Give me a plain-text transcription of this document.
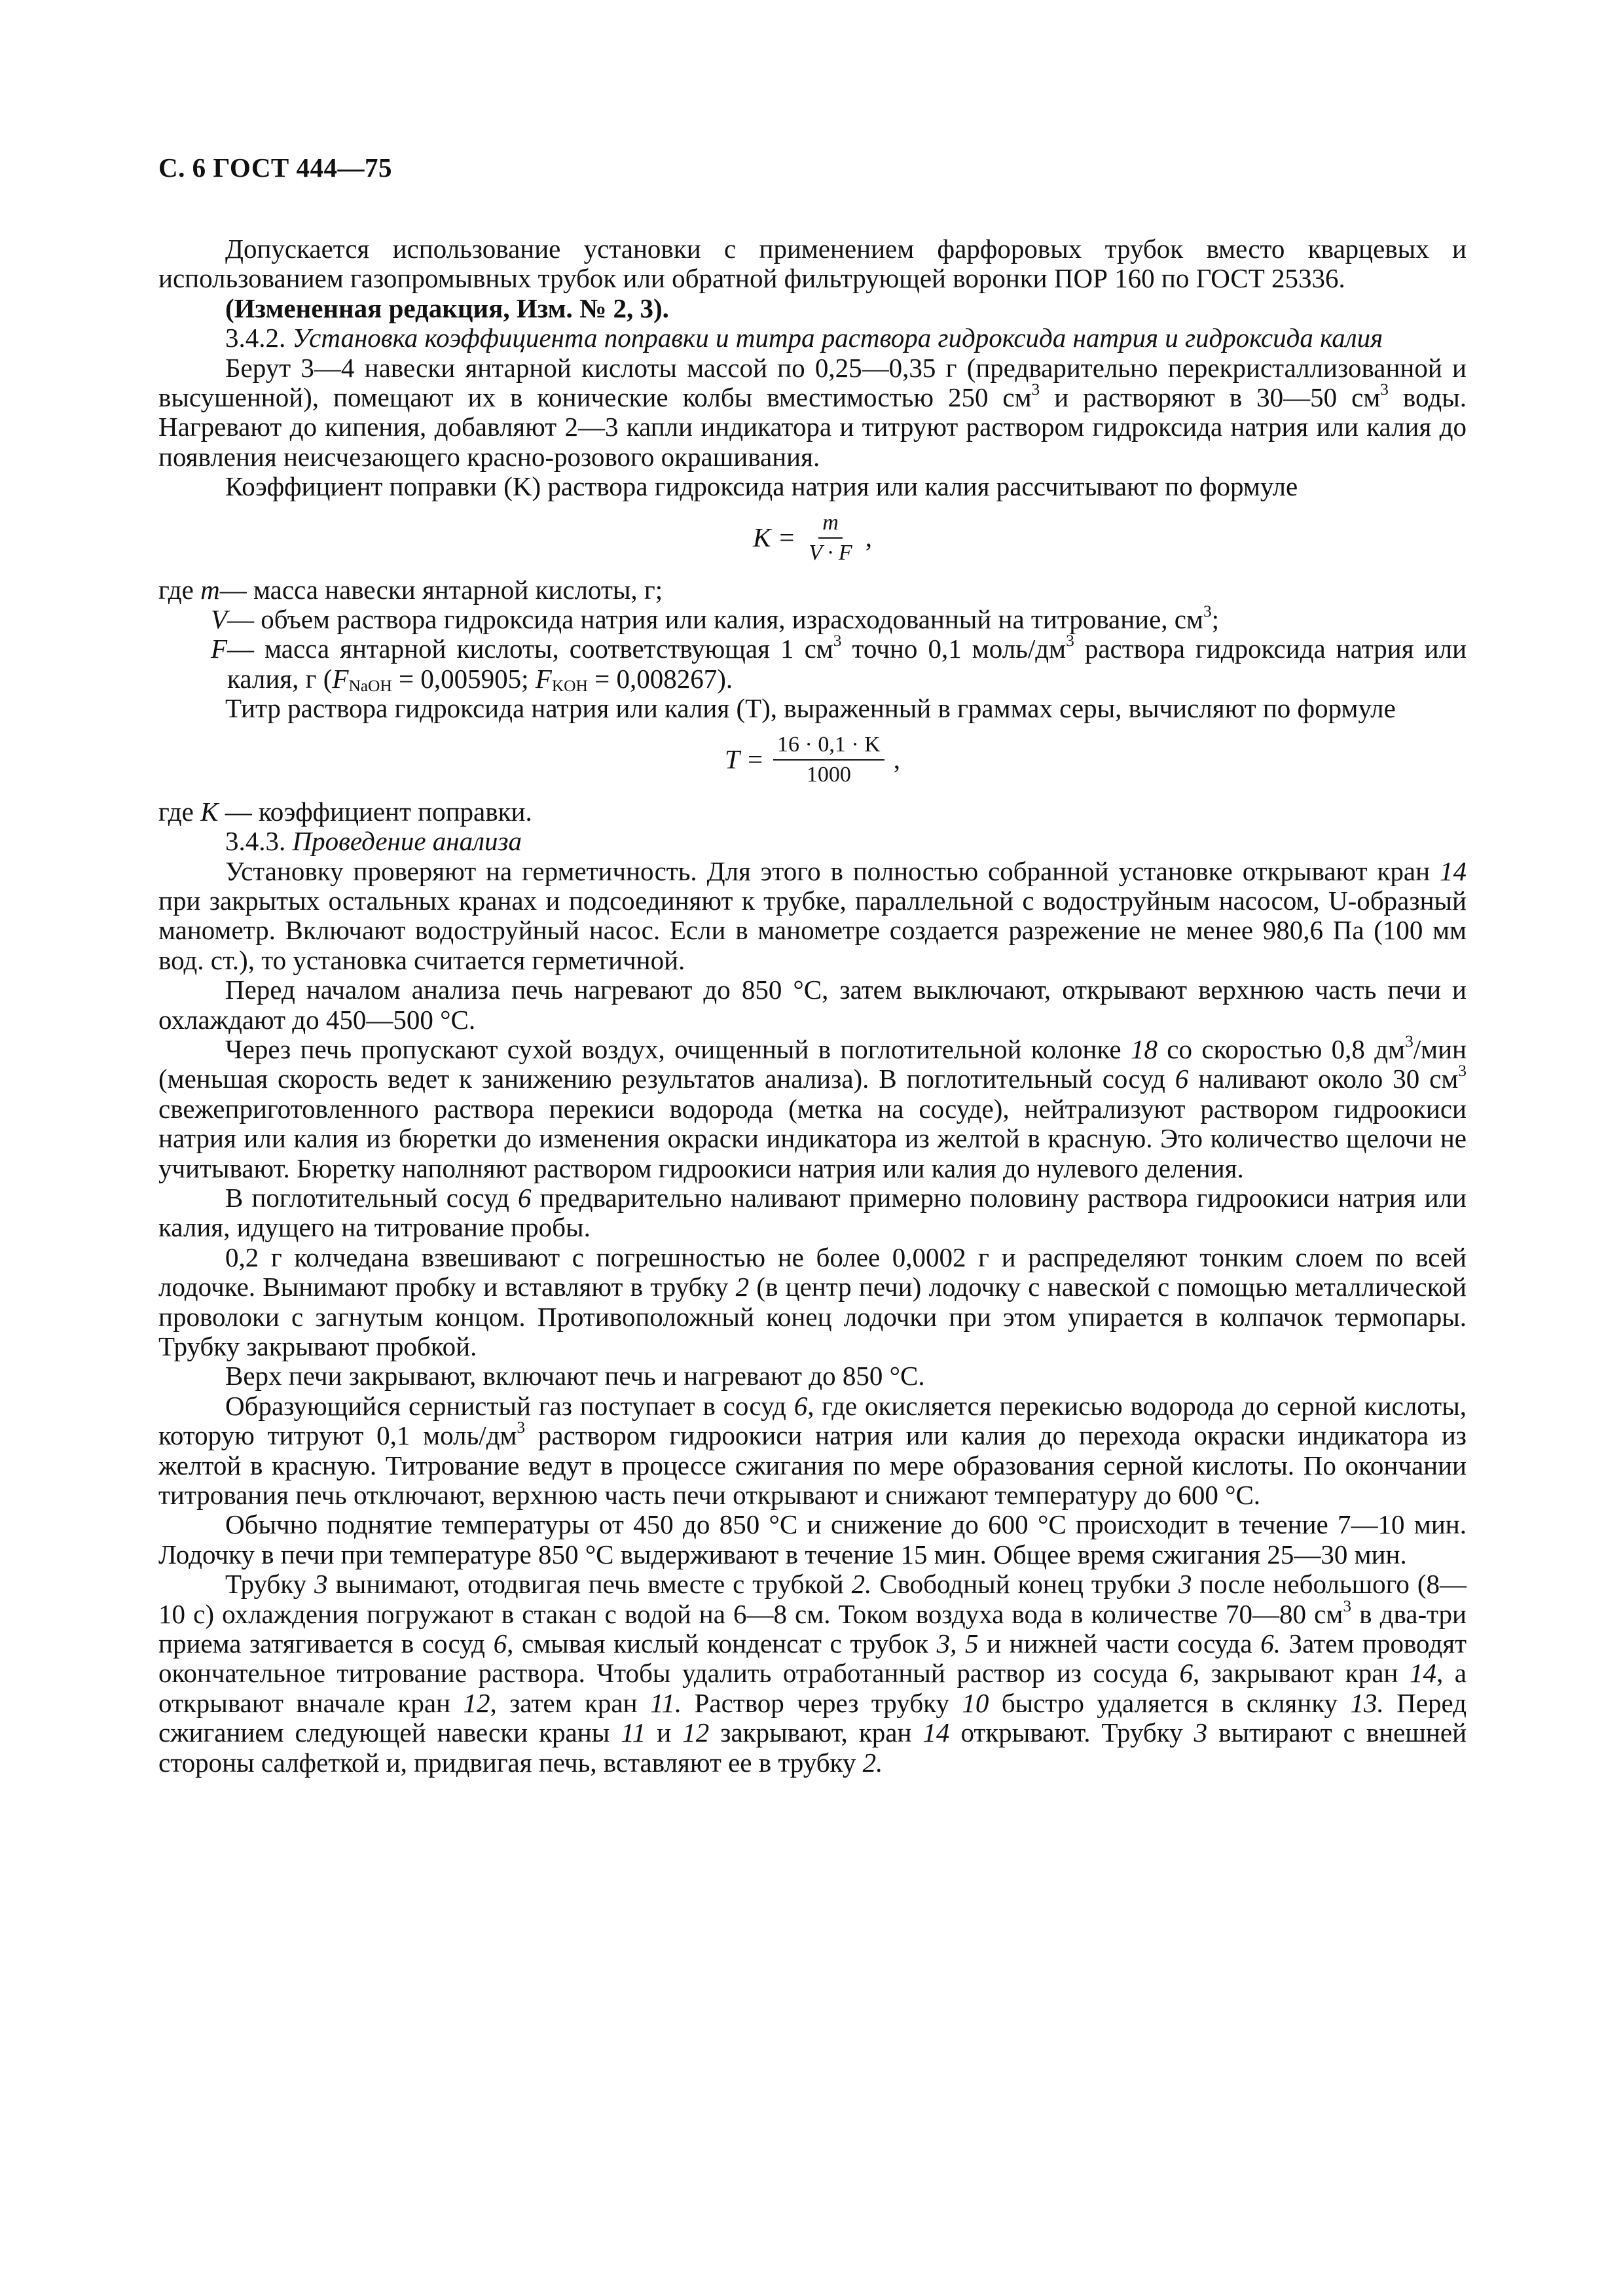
С. 6 ГОСТ 444—75

Допускается использование установки с применением фарфоровых трубок вместо кварцевых и использованием газопромывных трубок или обратной фильтрующей воронки ПОР 160 по ГОСТ 25336.

(Измененная редакция, Изм. № 2, 3).

3.4.2. Установка коэффициента поправки и титра раствора гидроксида натрия и гидроксида калия

Берут 3—4 навески янтарной кислоты массой по 0,25—0,35 г (предварительно перекристаллизованной и высушенной), помещают их в конические колбы вместимостью 250 $см^3$ и растворяют в 30—50 $см^3$ воды. Нагревают до кипения, добавляют 2—3 капли индикатора и титруют раствором гидроксида натрия или калия до появления неисчезающего красно-розового окрашивания.

Коэффициент поправки (K) раствора гидроксида натрия или калия рассчитывают по формуле

$K = \frac{m}{V \cdot F}$ ,
где m — масса навески янтарной кислоты, г;
V — объем раствора гидроксида натрия или калия, израсходованный на титрование, $см^3$;
F — масса янтарной кислоты, соответствующая 1 $см^3$ точно 0,1 моль/$дм^3$ раствора гидроксида натрия или калия, г ($F_{NaOH} = 0,005905$; $F_{KOH} = 0,008267$).

Титр раствора гидроксида натрия или калия (T), выраженный в граммах серы, вычисляют по формуле

$T = \frac{16 \cdot 0,1 \cdot K}{1000}$ ,

где K — коэффициент поправки.

3.4.3. Проведение анализа

Установку проверяют на герметичность. Для этого в полностью собранной установке открывают кран 14 при закрытых остальных кранах и подсоединяют к трубке, параллельной с водоструйным насосом, U-образный манометр. Включают водоструйный насос. Если в манометре создается разрежение не менее 980,6 Па (100 мм вод. ст.), то установка считается герметичной.

Перед началом анализа печь нагревают до 850 °С, затем выключают, открывают верхнюю часть печи и охлаждают до 450—500 °С.

Через печь пропускают сухой воздух, очищенный в поглотительной колонке 18 со скоростью 0,8 $дм^3$/мин (меньшая скорость ведет к занижению результатов анализа). В поглотительный сосуд 6 наливают около 30 $см^3$ свежеприготовленного раствора перекиси водорода (метка на сосуде), нейтрализуют раствором гидроокиси натрия или калия из бюретки до изменения окраски индикатора из желтой в красную. Это количество щелочи не учитывают. Бюретку наполняют раствором гидроокиси натрия или калия до нулевого деления.

В поглотительный сосуд 6 предварительно наливают примерно половину раствора гидроокиси натрия или калия, идущего на титрование пробы.

0,2 г колчедана взвешивают с погрешностью не более 0,0002 г и распределяют тонким слоем по всей лодочке. Вынимают пробку и вставляют в трубку 2 (в центр печи) лодочку с навеской с помощью металлической проволоки с загнутым концом. Противоположный конец лодочки при этом упирается в колпачок термопары. Трубку закрывают пробкой.

Верх печи закрывают, включают печь и нагревают до 850 °С.

Образующийся сернистый газ поступает в сосуд 6, где окисляется перекисью водорода до серной кислоты, которую титруют 0,1 моль/$дм^3$ раствором гидроокиси натрия или калия до перехода окраски индикатора из желтой в красную. Титрование ведут в процессе сжигания по мере образования серной кислоты. По окончании титрования печь отключают, верхнюю часть печи открывают и снижают температуру до 600 °С.

Обычно поднятие температуры от 450 до 850 °С и снижение до 600 °С происходит в течение 7—10 мин. Лодочку в печи при температуре 850 °С выдерживают в течение 15 мин. Общее время сжигания 25—30 мин.

Трубку 3 вынимают, отодвигая печь вместе с трубкой 2. Свободный конец трубки 3 после небольшого (8—10 с) охлаждения погружают в стакан с водой на 6—8 см. Током воздуха вода в количестве 70—80 $см^3$ в два-три приема затягивается в сосуд 6, смывая кислый конденсат с трубок 3, 5 и нижней части сосуда 6. Затем проводят окончательное титрование раствора. Чтобы удалить отработанный раствор из сосуда 6, закрывают кран 14, а открывают вначале кран 12, затем кран 11. Раствор через трубку 10 быстро удаляется в склянку 13. Перед сжиганием следующей навески краны 11 и 12 закрывают, кран 14 открывают. Трубку 3 вытирают с внешней стороны салфеткой и, придвигая печь, вставляют ее в трубку 2.
